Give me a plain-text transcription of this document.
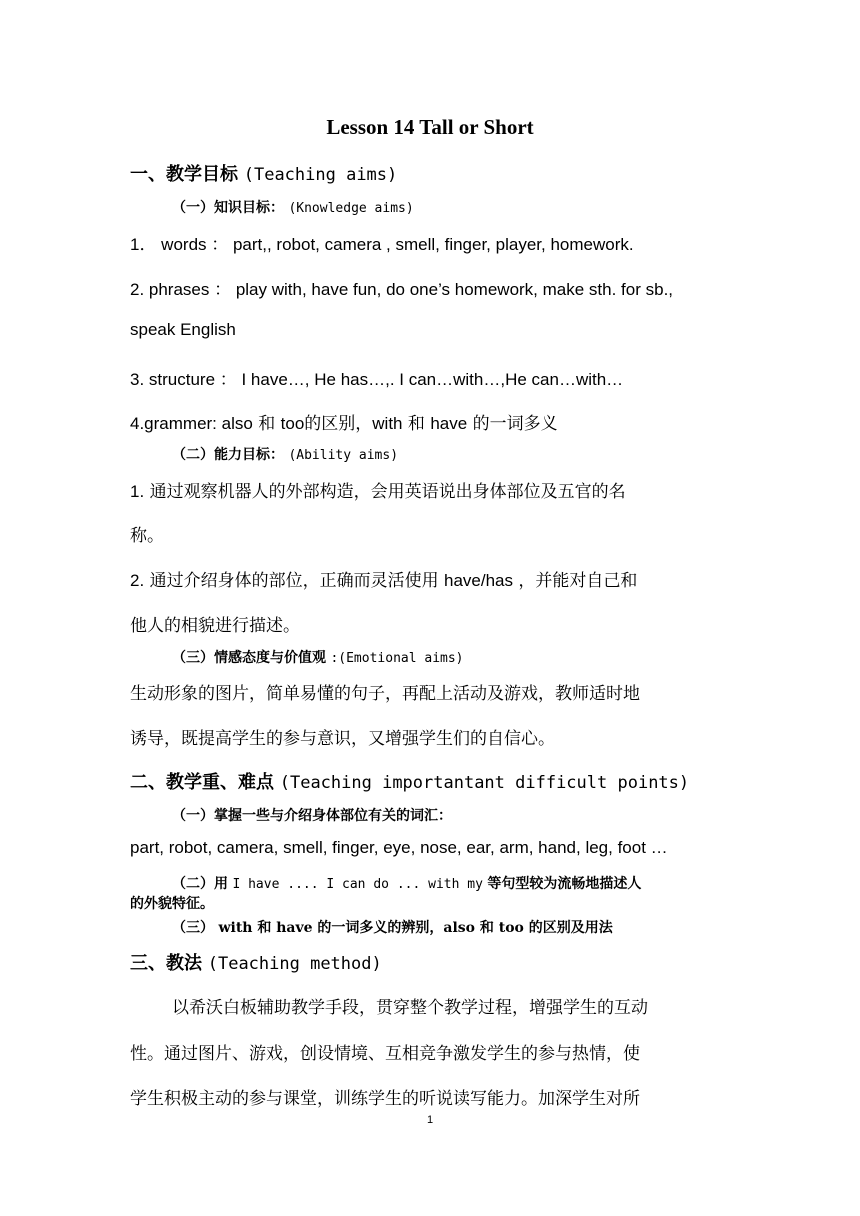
Lesson 14 Tall or Short
一、教学目标 (Teaching aims)
（一）知识目标： (Knowledge aims)
1． words ： part,, robot, camera , smell, finger, player, homework.
2. phrases ： play with, have fun, do one’s homework, make sth. for sb.,
speak English
3. structure ： I have…, He has…,. I can…with…,He can…with…
4.grammer: also 和 too的区别，with 和 have 的一词多义
（二）能力目标： (Ability aims)
1. 通过观察机器人的外部构造，会用英语说出身体部位及五官的名
称。
2. 通过介绍身体的部位，正确而灵活使用 have/has ，并能对自己和
他人的相貌进行描述。
（三）情感态度与价值观 :(Emotional aims)
生动形象的图片，简单易懂的句子，再配上活动及游戏，教师适时地
诱导，既提高学生的参与意识，又增强学生们的自信心。
二、教学重、难点 (Teaching importantant difficult points)
（一）掌握一些与介绍身体部位有关的词汇：
part, robot, camera, smell, finger, eye, nose, ear, arm, hand, leg, foot …
（二）用 I have .... I can do ... with my 等句型较为流畅地描述人
的外貌特征。
（三） with 和 have 的一词多义的辨别，also 和 too 的区别及用法
三、教法 (Teaching method)
以希沃白板辅助教学手段，贯穿整个教学过程，增强学生的互动
性。通过图片、游戏，创设情境、互相竞争激发学生的参与热情，使
学生积极主动的参与课堂，训练学生的听说读写能力。加深学生对所
1
